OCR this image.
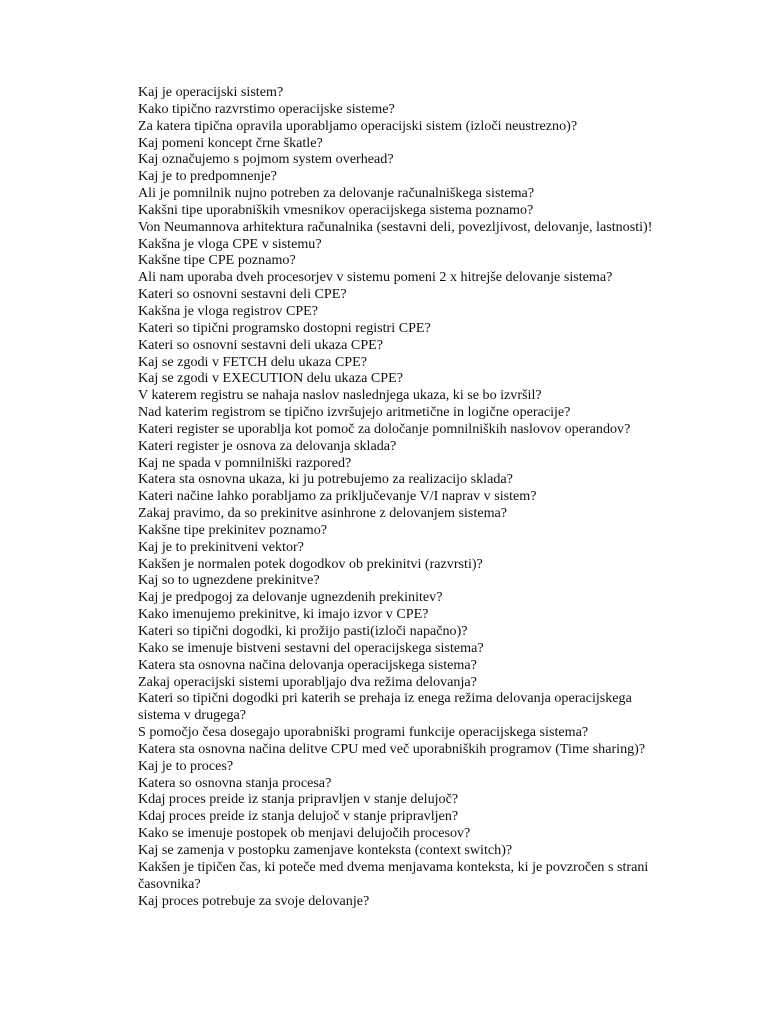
Kaj je operacijski sistem?
Kako tipično razvrstimo operacijske sisteme?
Za katera tipična opravila uporabljamo operacijski sistem (izloči neustrezno)?
Kaj pomeni koncept črne škatle?
Kaj označujemo s pojmom system overhead?
Kaj je to predpomnenje?
Ali je pomnilnik nujno potreben za delovanje računalniškega sistema?
Kakšni tipe uporabniških vmesnikov operacijskega sistema poznamo?
Von Neumannova arhitektura računalnika (sestavni deli, povezljivost, delovanje, lastnosti)!
Kakšna je vloga CPE v sistemu?
Kakšne tipe CPE poznamo?
Ali nam uporaba dveh procesorjev v sistemu pomeni 2 x hitrejše delovanje sistema?
Kateri so osnovni sestavni deli CPE?
Kakšna je vloga registrov CPE?
Kateri so tipični programsko dostopni registri CPE?
Kateri so osnovni sestavni deli ukaza CPE?
Kaj se zgodi v FETCH delu ukaza CPE?
Kaj se zgodi v EXECUTION delu ukaza CPE?
V katerem registru se nahaja naslov naslednjega ukaza, ki se bo izvršil?
Nad katerim registrom se tipično izvršujejo aritmetične in logične operacije?
Kateri register se uporablja kot pomoč za določanje pomnilniških naslovov operandov?
Kateri register je osnova za delovanja sklada?
Kaj ne spada v pomnilniški razpored?
Katera sta osnovna ukaza, ki ju potrebujemo za realizacijo sklada?
Kateri načine lahko porabljamo za priključevanje V/I naprav v sistem?
Zakaj pravimo, da so prekinitve asinhrone z delovanjem sistema?
Kakšne tipe prekinitev poznamo?
Kaj je to prekinitveni vektor?
Kakšen je normalen potek dogodkov ob prekinitvi (razvrsti)?
Kaj so to ugnezdene prekinitve?
Kaj je predpogoj za delovanje ugnezdenih prekinitev?
Kako imenujemo prekinitve, ki imajo izvor v CPE?
Kateri so tipični dogodki, ki prožijo pasti(izloči napačno)?
Kako se imenuje bistveni sestavni del operacijskega sistema?
Katera sta osnovna načina delovanja operacijskega sistema?
Zakaj operacijski sistemi uporabljajo dva režima delovanja?
Kateri so tipični dogodki pri katerih se prehaja iz enega režima delovanja operacijskega sistema v drugega?
S pomočjo česa dosegajo uporabniški programi funkcije operacijskega sistema?
Katera sta osnovna načina delitve CPU med več uporabniških programov (Time sharing)?
Kaj je to proces?
Katera so osnovna stanja procesa?
Kdaj proces preide iz stanja pripravljen v stanje delujoč?
Kdaj proces preide iz stanja delujoč v stanje pripravljen?
Kako se imenuje postopek ob menjavi delujočih procesov?
Kaj se zamenja v postopku zamenjave konteksta (context switch)?
Kakšen je tipičen čas, ki poteče med dvema menjavama konteksta, ki je povzročen s strani časovnika?
Kaj proces potrebuje za svoje delovanje?
